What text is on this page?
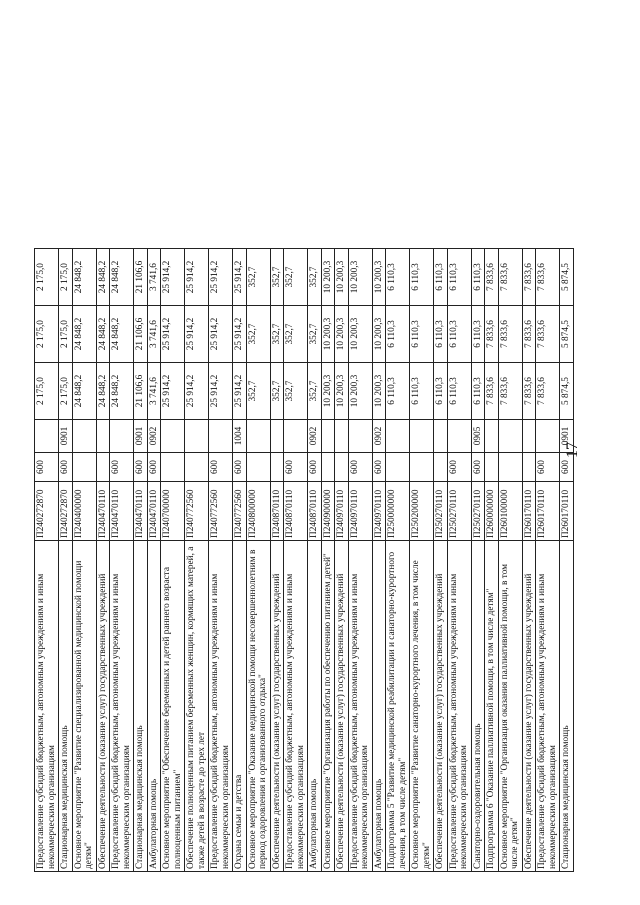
17
Предоставление субсидий бюджетным, автономным учреждениям и иным некоммерческим организациям	П240272870	600		2 175,0	2 175,0	2 175,0
Стационарная медицинская помощь	П240272870	600	0901	2 175,0	2 175,0	2 175,0
Основное мероприятие "Развитие специализированной медицинской помощи детям"	П240400000			24 848,2	24 848,2	24 848,2
Обеспечение деятельности (оказание услуг) государственных учреждений	П240470110			24 848,2	24 848,2	24 848,2
Предоставление субсидий бюджетным, автономным учреждениям и иным некоммерческим организациям	П240470110	600		24 848,2	24 848,2	24 848,2
Стационарная медицинская помощь	П240470110	600	0901	21 106,6	21 106,6	21 106,6
Амбулаторная помощь	П240470110	600	0902	3 741,6	3 741,6	3 741,6
Основное мероприятие "Обеспечение беременных и детей раннего возраста полноценным питанием"	П240700000			25 914,2	25 914,2	25 914,2
Обеспечение полноценным питанием беременных женщин, кормящих матерей, а также детей в возрасте до трех лет	П240772560			25 914,2	25 914,2	25 914,2
Предоставление субсидий бюджетным, автономным учреждениям и иным некоммерческим организациям	П240772560	600		25 914,2	25 914,2	25 914,2
Охрана семьи и детства	П240772560	600	1004	25 914,2	25 914,2	25 914,2
Основное мероприятие "Оказание медицинской помощи несовершеннолетним в период оздоровления и организованного отдыха"	П240800000			352,7	352,7	352,7
Обеспечение деятельности (оказание услуг) государственных учреждений	П240870110			352,7	352,7	352,7
Предоставление субсидий бюджетным, автономным учреждениям и иным некоммерческим организациям	П240870110	600		352,7	352,7	352,7
Амбулаторная помощь	П240870110	600	0902	352,7	352,7	352,7
Основное мероприятие "Организация работы по обеспечению питанием детей"	П240900000			10 200,3	10 200,3	10 200,3
Обеспечение деятельности (оказание услуг) государственных учреждений	П240970110			10 200,3	10 200,3	10 200,3
Предоставление субсидий бюджетным, автономным учреждениям и иным некоммерческим организациям	П240970110	600		10 200,3	10 200,3	10 200,3
Амбулаторная помощь	П240970110	600	0902	10 200,3	10 200,3	10 200,3
Подпрограмма 5 "Развитие медицинской реабилитации и санаторно-курортного лечения, в том числе детям"	П250000000			6 110,3	6 110,3	6 110,3
Основное мероприятие "Развитие санаторно-курортного лечения, в том числе детям"	П250200000			6 110,3	6 110,3	6 110,3
Обеспечение деятельности (оказание услуг) государственных учреждений	П250270110			6 110,3	6 110,3	6 110,3
Предоставление субсидий бюджетным, автономным учреждениям и иным некоммерческим организациям	П250270110	600		6 110,3	6 110,3	6 110,3
Санаторно-оздоровительная помощь	П250270110	600	0905	6 110,3	6 110,3	6 110,3
Подпрограмма 6 "Оказание паллиативной помощи, в том числе детям"	П260000000			7 833,6	7 833,6	7 833,6
Основное мероприятие "Организация оказания паллиативной помощи, в том числе детям"	П260100000			7 833,6	7 833,6	7 833,6
Обеспечение деятельности (оказание услуг) государственных учреждений	П260170110			7 833,6	7 833,6	7 833,6
Предоставление субсидий бюджетным, автономным учреждениям и иным некоммерческим организациям	П260170110	600		7 833,6	7 833,6	7 833,6
Стационарная медицинская помощь	П260170110	600	0901	5 874,5	5 874,5	5 874,5
